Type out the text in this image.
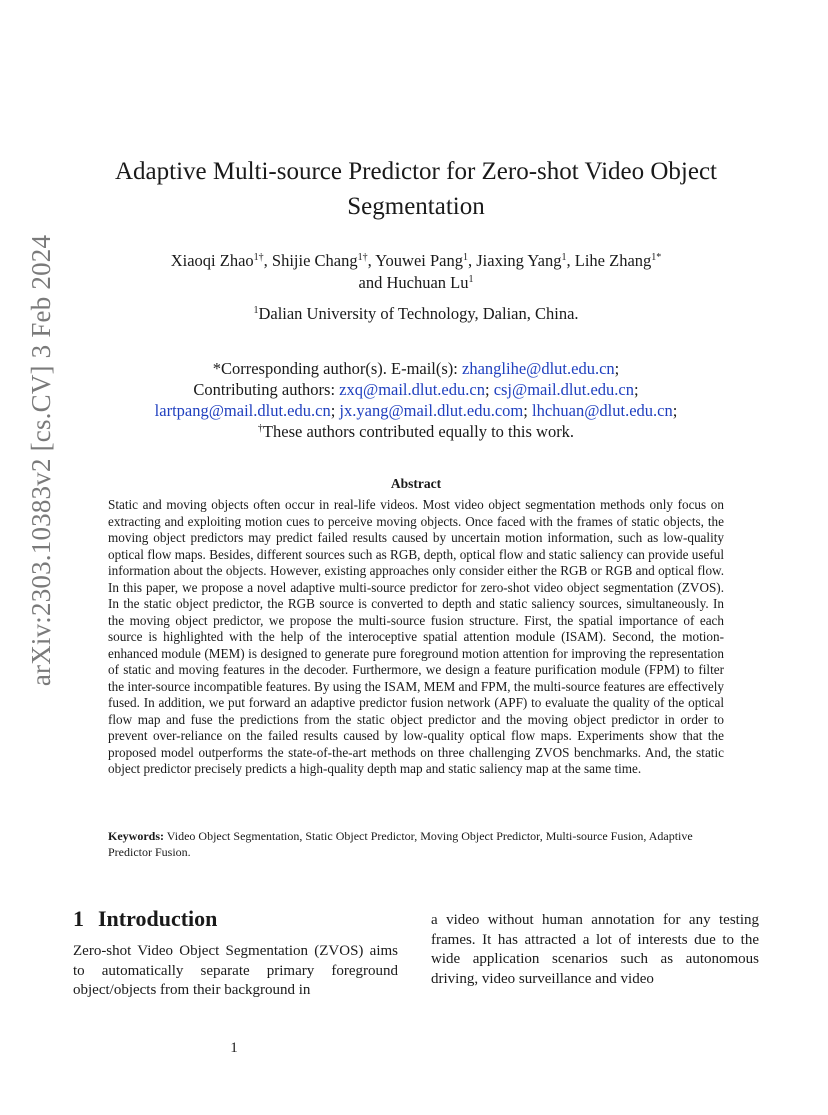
arXiv:2303.10383v2 [cs.CV] 3 Feb 2024
Adaptive Multi-source Predictor for Zero-shot Video Object Segmentation
Xiaoqi Zhao$^{1\dagger}$, Shijie Chang$^{1\dagger}$, Youwei Pang$^1$, Jiaxing Yang$^1$, Lihe Zhang$^{1*}$
and Huchuan Lu$^1$
$^1$Dalian University of Technology, Dalian, China.
*Corresponding author(s). E-mail(s): zhanglihe@dlut.edu.cn;
Contributing authors: zxq@mail.dlut.edu.cn; csj@mail.dlut.edu.cn;
lartpang@mail.dlut.edu.cn; jx.yang@mail.dlut.edu.com; lhchuan@dlut.edu.cn;
†These authors contributed equally to this work.
Abstract

Static and moving objects often occur in real-life videos. Most video object segmentation methods only focus on extracting and exploiting motion cues to perceive moving objects. Once faced with the frames of static objects, the moving object predictors may predict failed results caused by uncertain motion information, such as low-quality optical flow maps. Besides, different sources such as RGB, depth, optical flow and static saliency can provide useful information about the objects. However, existing approaches only consider either the RGB or RGB and optical flow. In this paper, we propose a novel adaptive multi-source predictor for zero-shot video object segmentation (ZVOS). In the static object predictor, the RGB source is converted to depth and static saliency sources, simultaneously. In the moving object predictor, we propose the multi-source fusion structure. First, the spatial importance of each source is highlighted with the help of the interoceptive spatial attention module (ISAM). Second, the motion-enhanced module (MEM) is designed to generate pure foreground motion attention for improving the representation of static and moving features in the decoder. Furthermore, we design a feature purification module (FPM) to filter the inter-source incompatible features. By using the ISAM, MEM and FPM, the multi-source features are effectively fused. In addition, we put forward an adaptive predictor fusion network (APF) to evaluate the quality of the optical flow map and fuse the predictions from the static object predictor and the moving object predictor in order to prevent over-reliance on the failed results caused by low-quality optical flow maps. Experiments show that the proposed model outperforms the state-of-the-art methods on three challenging ZVOS benchmarks. And, the static object predictor precisely predicts a high-quality depth map and static saliency map at the same time.

Keywords: Video Object Segmentation, Static Object Predictor, Moving Object Predictor, Multi-source Fusion, Adaptive Predictor Fusion.

1 Introduction

Zero-shot Video Object Segmentation (ZVOS) aims to automatically separate primary foreground object/objects from their background in

a video without human annotation for any testing frames. It has attracted a lot of interests due to the wide application scenarios such as autonomous driving, video surveillance and video

1
